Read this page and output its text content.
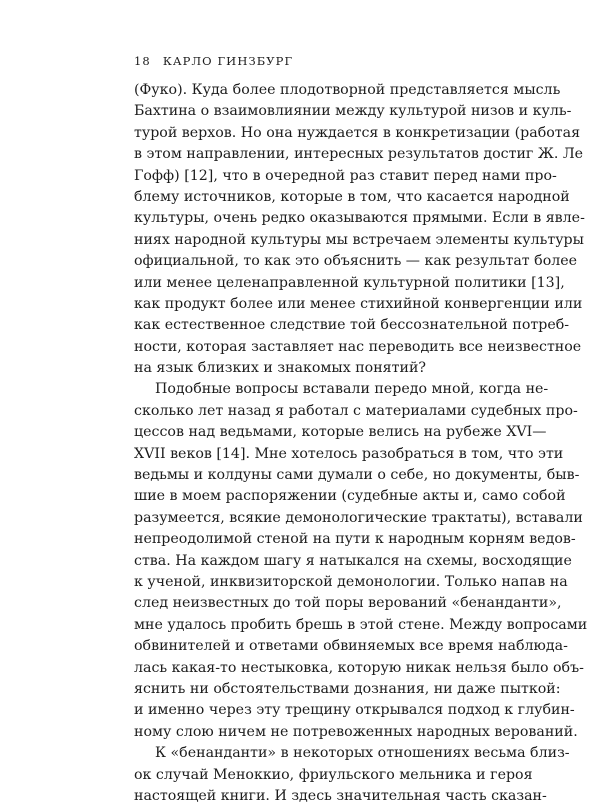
18 КАРЛО ГИНЗБУРГ
(Фуко). Куда более плодотворной представляется мысль
Бахтина о взаимовлиянии между культурой низов и куль-
турой верхов. Но она нуждается в конкретизации (работая
в этом направлении, интересных результатов достиг Ж. Ле
Гофф) [12], что в очередной раз ставит перед нами про-
блему источников, которые в том, что касается народной
культуры, очень редко оказываются прямыми. Если в явле-
ниях народной культуры мы встречаем элементы культуры
официальной, то как это объяснить — как результат более
или менее целенаправленной культурной политики [13],
как продукт более или менее стихийной конвергенции или
как естественное следствие той бессознательной потреб-
ности, которая заставляет нас переводить все неизвестное
на язык близких и знакомых понятий?
Подобные вопросы вставали передо мной, когда не-
сколько лет назад я работал с материалами судебных про-
цессов над ведьмами, которые велись на рубеже XVI—
XVII веков [14]. Мне хотелось разобраться в том, что эти
ведьмы и колдуны сами думали о себе, но документы, быв-
шие в моем распоряжении (судебные акты и, само собой
разумеется, всякие демонологические трактаты), вставали
непреодолимой стеной на пути к народным корням ведов-
ства. На каждом шагу я натыкался на схемы, восходящие
к ученой, инквизиторской демонологии. Только напав на
след неизвестных до той поры верований «бенанданти»,
мне удалось пробить брешь в этой стене. Между вопросами
обвинителей и ответами обвиняемых все время наблюда-
лась какая-то нестыковка, которую никак нельзя было объ-
яснить ни обстоятельствами дознания, ни даже пыткой:
и именно через эту трещину открывался подход к глубин-
ному слою ничем не потревоженных народных верований.
К «бенанданти» в некоторых отношениях весьма близ-
ок случай Меноккио, фриульского мельника и героя
настоящей книги. И здесь значительная часть сказан-
